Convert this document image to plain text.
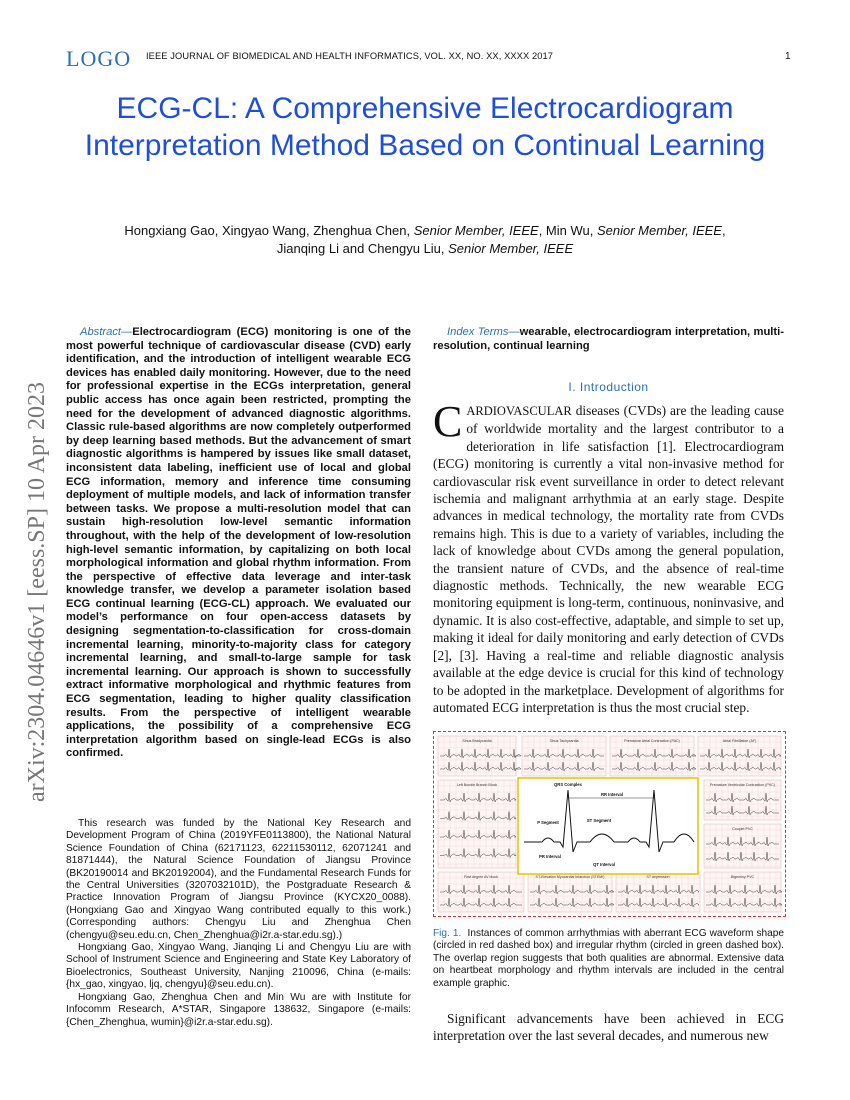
LOGO IEEE JOURNAL OF BIOMEDICAL AND HEALTH INFORMATICS, VOL. XX, NO. XX, XXXX 2017	1
ECG-CL: A Comprehensive Electrocardiogram Interpretation Method Based on Continual Learning
Hongxiang Gao, Xingyao Wang, Zhenghua Chen, Senior Member, IEEE, Min Wu, Senior Member, IEEE,
Jianqing Li and Chengyu Liu, Senior Member, IEEE
arXiv:2304.04646v1 [eess.SP] 10 Apr 2023
Abstract—Electrocardiogram (ECG) monitoring is one of the most powerful technique of cardiovascular disease (CVD) early identification, and the introduction of intelligent wearable ECG devices has enabled daily monitoring. However, due to the need for professional expertise in the ECGs interpretation, general public access has once again been restricted, prompting the need for the development of advanced diagnostic algorithms. Classic rule-based algorithms are now completely outperformed by deep learning based methods. But the advancement of smart diagnostic algorithms is hampered by issues like small dataset, inconsistent data labeling, inefficient use of local and global ECG information, memory and inference time consuming deployment of multiple models, and lack of information transfer between tasks. We propose a multi-resolution model that can sustain high-resolution low-level semantic information throughout, with the help of the development of low-resolution high-level semantic information, by capitalizing on both local morphological information and global rhythm information. From the perspective of effective data leverage and inter-task knowledge transfer, we develop a parameter isolation based ECG continual learning (ECG-CL) approach. We evaluated our model’s performance on four open-access datasets by designing segmentation-to-classification for cross-domain incremental learning, minority-to-majority class for category incremental learning, and small-to-large sample for task incremental learning. Our approach is shown to successfully extract informative morphological and rhythmic features from ECG segmentation, leading to higher quality classification results. From the perspective of intelligent wearable applications, the possibility of a comprehensive ECG interpretation algorithm based on single-lead ECGs is also confirmed.

This research was funded by the National Key Research and Development Program of China (2019YFE0113800), the National Natural Science Foundation of China (62171123, 62211530112, 62071241 and 81871444), the Natural Science Foundation of Jiangsu Province (BK20190014 and BK20192004), and the Fundamental Research Funds for the Central Universities (3207032101D), the Postgraduate Research & Practice Innovation Program of Jiangsu Province (KYCX20_0088). (Hongxiang Gao and Xingyao Wang contributed equally to this work.) (Corresponding authors: Chengyu Liu and Zhenghua Chen (chengyu@seu.edu.cn, Chen_Zhenghua@i2r.a-star.edu.sg).)

Hongxiang Gao, Xingyao Wang, Jianqing Li and Chengyu Liu are with School of Instrument Science and Engineering and State Key Laboratory of Bioelectronics, Southeast University, Nanjing 210096, China (e-mails: {hx_gao, xingyao, ljq, chengyu}@seu.edu.cn).

Hongxiang Gao, Zhenghua Chen and Min Wu are with Institute for Infocomm Research, A*STAR, Singapore 138632, Singapore (e-mails: {Chen_Zhenghua, wumin}@i2r.a-star.edu.sg).

Index Terms—wearable, electrocardiogram interpretation, multi-resolution, continual learning
I. Introduction
CARDIOVASCULAR diseases (CVDs) are the leading cause of worldwide mortality and the largest contributor to a deterioration in life satisfaction [1]. Electrocardiogram (ECG) monitoring is currently a vital non-invasive method for cardiovascular risk event surveillance in order to detect relevant ischemia and malignant arrhythmia at an early stage. Despite advances in medical technology, the mortality rate from CVDs remains high. This is due to a variety of variables, including the lack of knowledge about CVDs among the general population, the transient nature of CVDs, and the absence of real-time diagnostic methods. Technically, the new wearable ECG monitoring equipment is long-term, continuous, noninvasive, and dynamic. It is also cost-effective, adaptable, and simple to set up, making it ideal for daily monitoring and early detection of CVDs [2], [3]. Having a real-time and reliable diagnostic analysis available at the edge device is crucial for this kind of technology to be adopted in the marketplace. Development of algorithms for automated ECG interpretation is thus the most crucial step.
Sinus Bradycardia	Sinus Tachycardia	Premature Atrial Contraction (PAC)	Atrial Fibrillation (AF)
Left Bundle Branch Block	Premature Ventricular Contraction (PVC)
Couplet PVC
First degree AV block	ST-Elevation Myocardial Infarction (STEMI)	ST depression	Bigeminy PVC
RR Interval
QRS Complex
P Segment	ST Segment
PR Interval
QT Interval
Fig. 1. Instances of common arrhythmias with aberrant ECG waveform shape (circled in red dashed box) and irregular rhythm (circled in green dashed box). The overlap region suggests that both qualities are abnormal. Extensive data on heartbeat morphology and rhythm intervals are included in the central example graphic.
Significant advancements have been achieved in ECG interpretation over the last several decades, and numerous new
